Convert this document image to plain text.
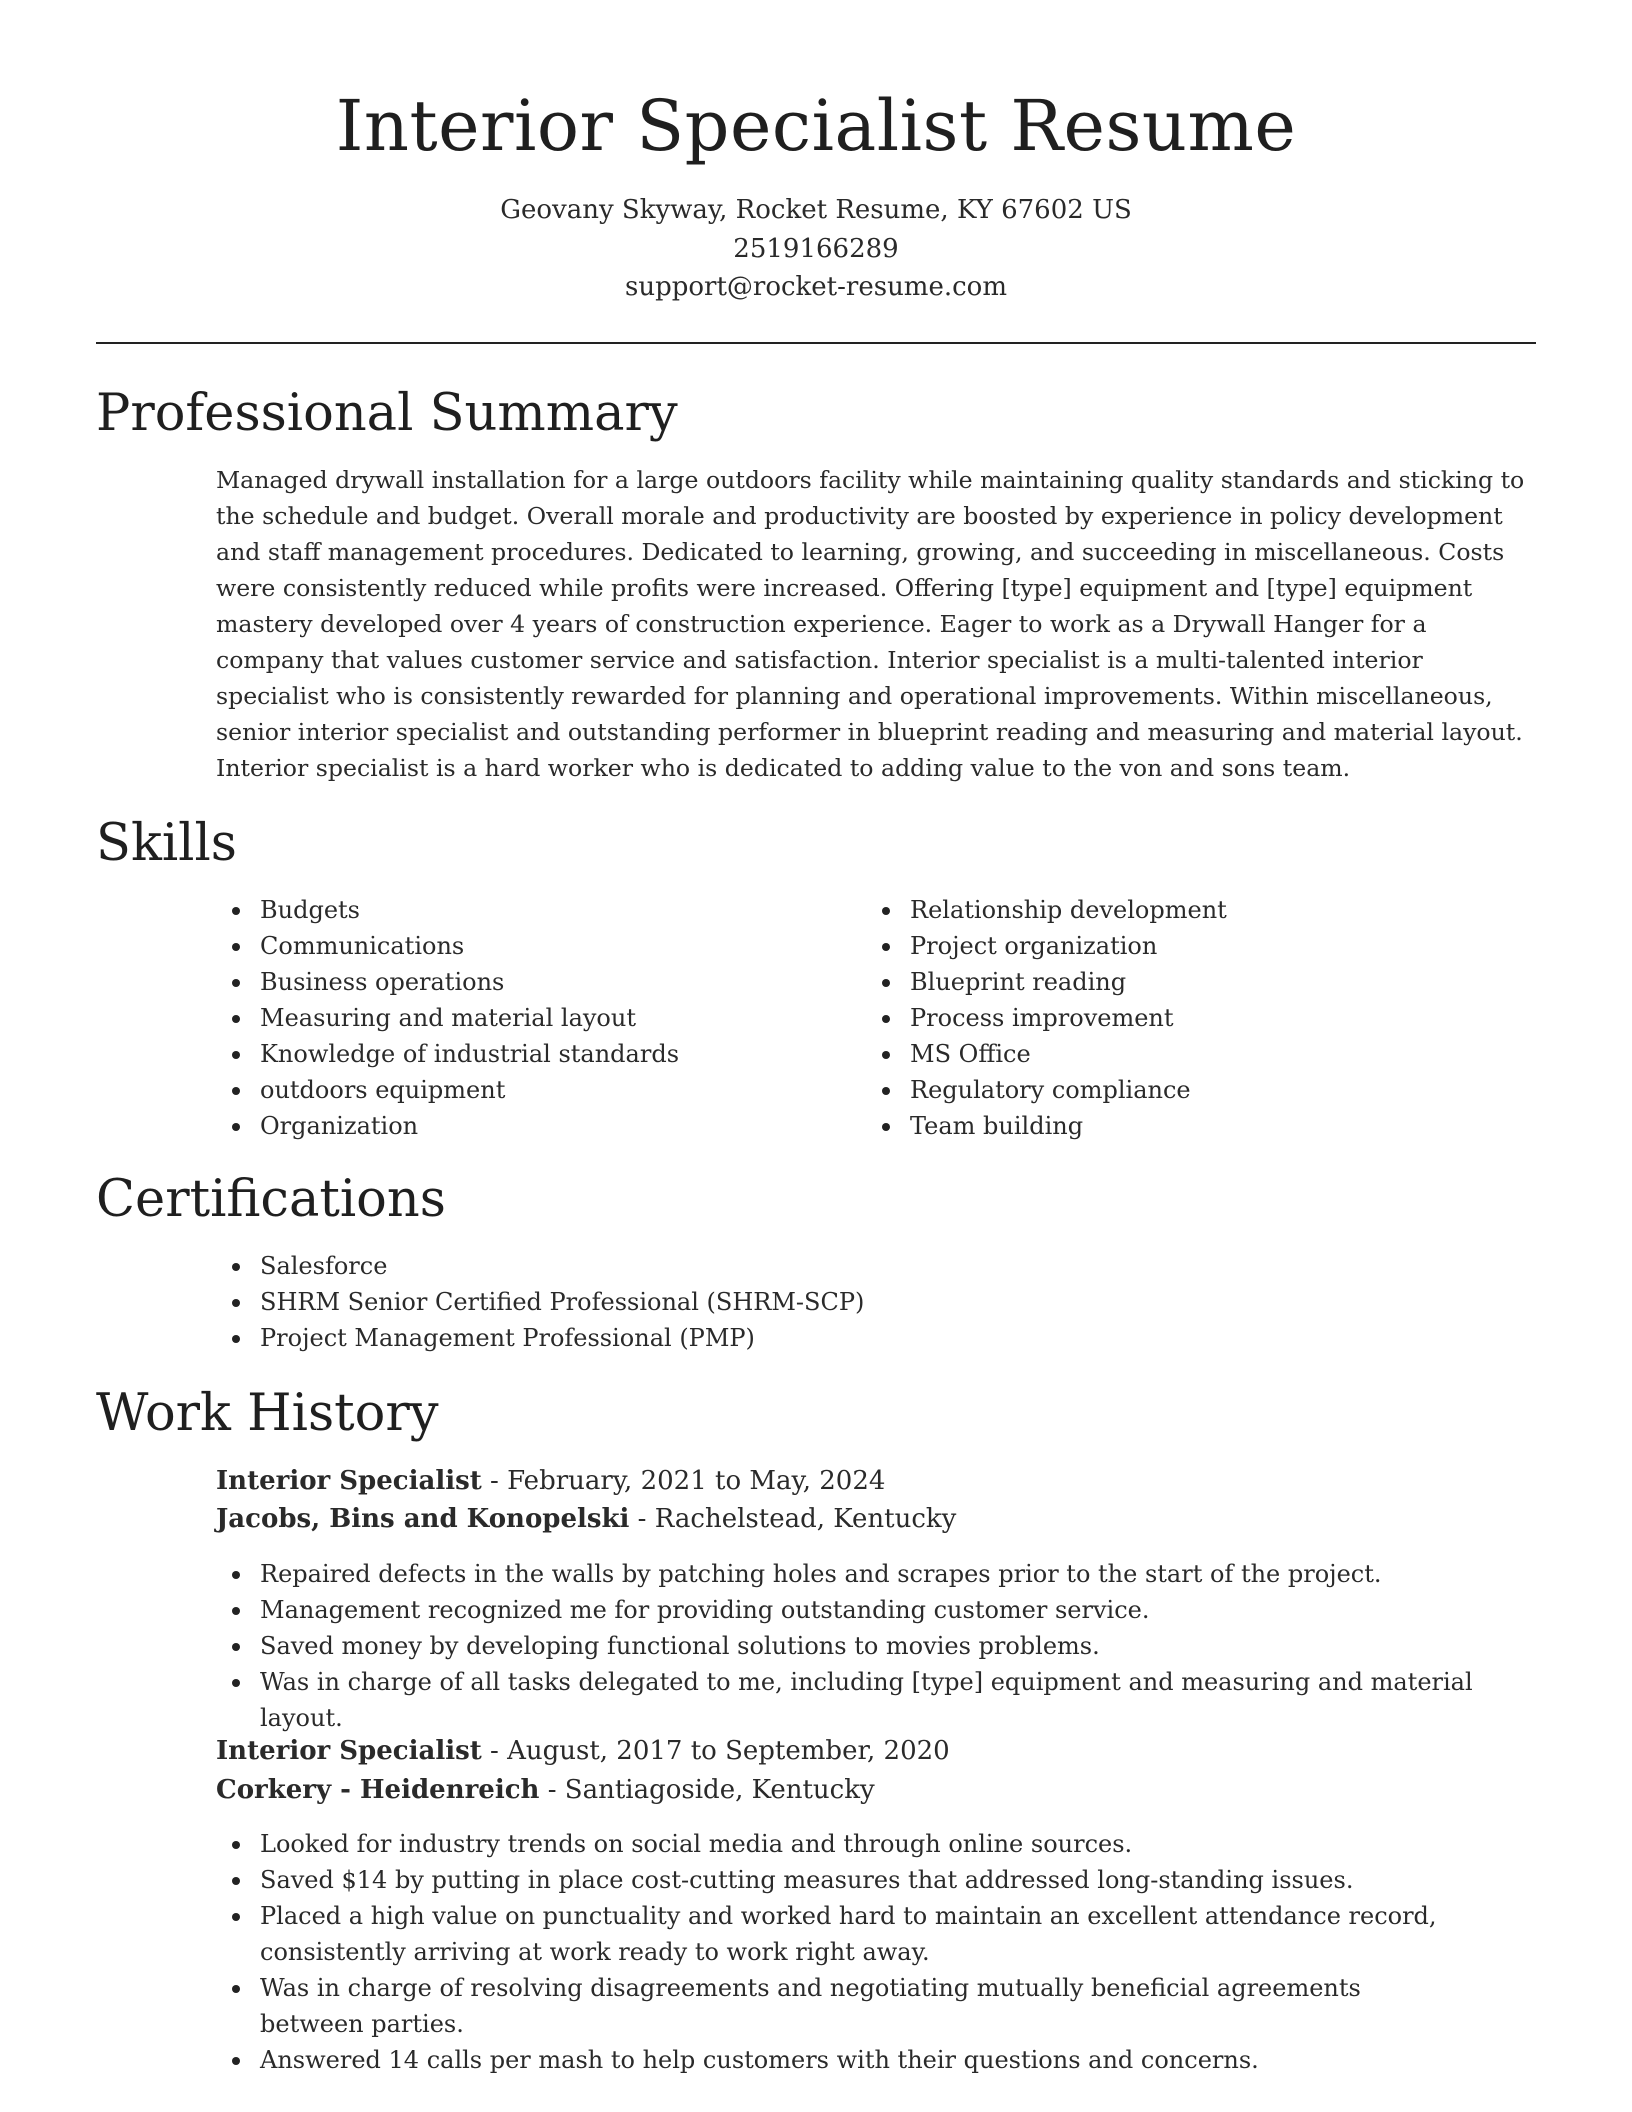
Interior Specialist Resume
Geovany Skyway, Rocket Resume, KY 67602 US
2519166289
support@rocket-resume.com
Professional Summary

Managed drywall installation for a large outdoors facility while maintaining quality standards and sticking to the schedule and budget. Overall morale and productivity are boosted by experience in policy development and staff management procedures. Dedicated to learning, growing, and succeeding in miscellaneous. Costs were consistently reduced while profits were increased. Offering [type] equipment and [type] equipment mastery developed over 4 years of construction experience. Eager to work as a Drywall Hanger for a company that values customer service and satisfaction. Interior specialist is a multi-talented interior specialist who is consistently rewarded for planning and operational improvements. Within miscellaneous, senior interior specialist and outstanding performer in blueprint reading and measuring and material layout. Interior specialist is a hard worker who is dedicated to adding value to the von and sons team.

Skills
Budgets
Communications
Business operations
Measuring and material layout
Knowledge of industrial standards
outdoors equipment
Organization
Relationship development
Project organization
Blueprint reading
Process improvement
MS Office
Regulatory compliance
Team building
Certifications
Salesforce
SHRM Senior Certified Professional (SHRM-SCP)
Project Management Professional (PMP)
Work History
Interior Specialist - February, 2021 to May, 2024
Jacobs, Bins and Konopelski - Rachelstead, Kentucky
Repaired defects in the walls by patching holes and scrapes prior to the start of the project.
Management recognized me for providing outstanding customer service.
Saved money by developing functional solutions to movies problems.
Was in charge of all tasks delegated to me, including [type] equipment and measuring and material layout.
Interior Specialist - August, 2017 to September, 2020
Corkery - Heidenreich - Santiagoside, Kentucky
Looked for industry trends on social media and through online sources.
Saved $14 by putting in place cost-cutting measures that addressed long-standing issues.
Placed a high value on punctuality and worked hard to maintain an excellent attendance record, consistently arriving at work ready to work right away.
Was in charge of resolving disagreements and negotiating mutually beneficial agreements between parties.
Answered 14 calls per mash to help customers with their questions and concerns.
